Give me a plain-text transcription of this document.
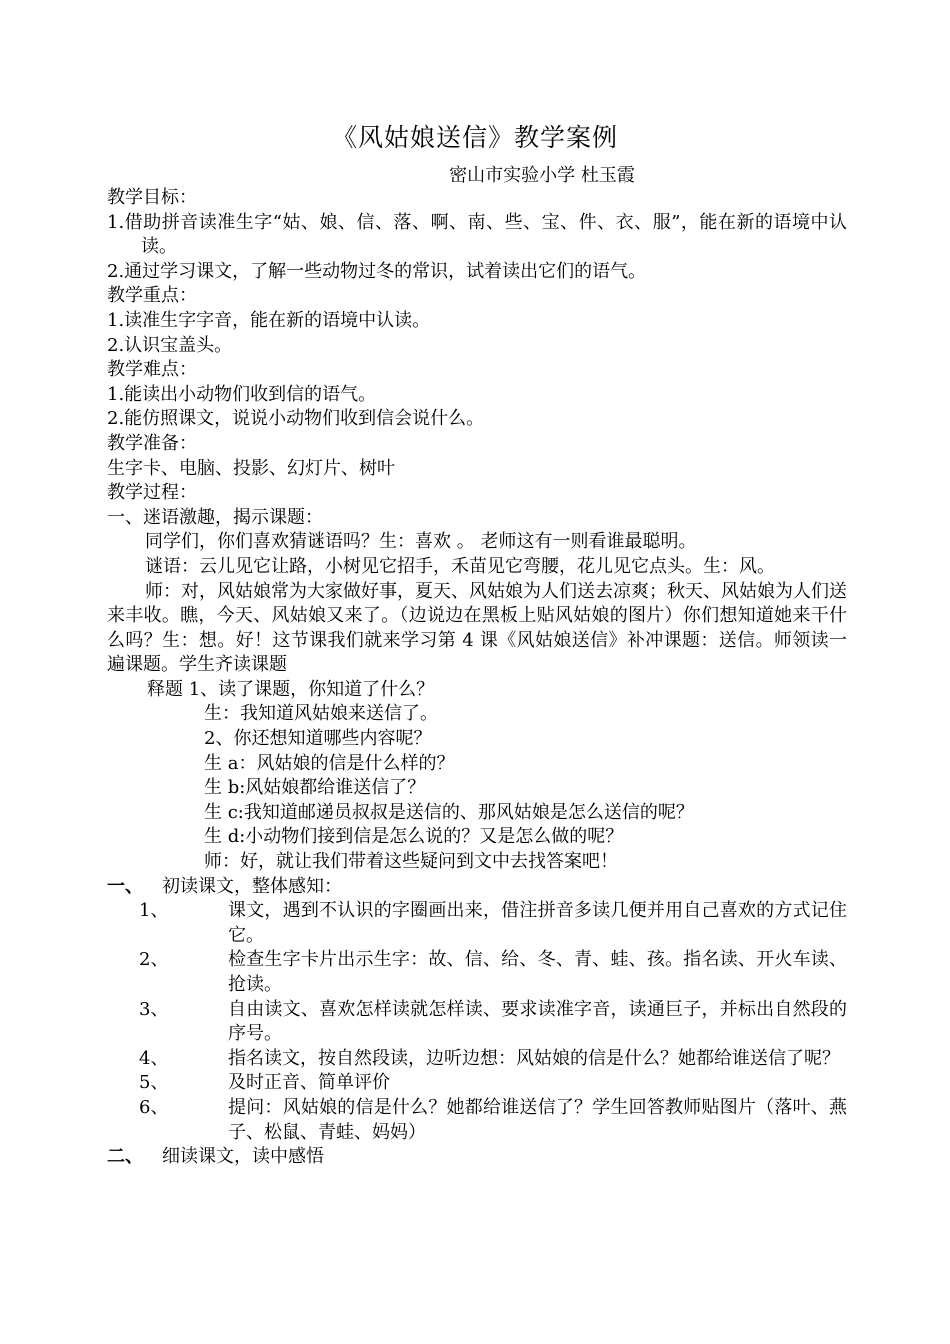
《风姑娘送信》教学案例
密山市实验小学 杜玉霞

教学目标：

1.借助拼音读准生字“姑、娘、信、落、啊、南、些、宝、件、衣、服”，能在新的语境中认读。

2.通过学习课文，了解一些动物过冬的常识，试着读出它们的语气。

教学重点：

1.读准生字字音，能在新的语境中认读。

2.认识宝盖头。

教学难点：

1.能读出小动物们收到信的语气。

2.能仿照课文，说说小动物们收到信会说什么。

教学准备：

生字卡、电脑、投影、幻灯片、树叶

教学过程：

一、迷语激趣，揭示课题：

同学们，你们喜欢猜谜语吗？生：喜欢 。 老师这有一则看谁最聪明。

谜语：云儿见它让路，小树见它招手，禾苗见它弯腰，花儿见它点头。生：风。

师：对，风姑娘常为大家做好事，夏天、风姑娘为人们送去凉爽；秋天、风姑娘为人们送来丰收。瞧，今天、风姑娘又来了。（边说边在黑板上贴风姑娘的图片）你们想知道她来干什么吗？生：想。好！这节课我们就来学习第 4 课《风姑娘送信》补冲课题：送信。师领读一遍课题。学生齐读课题

释题 1、读了课题，你知道了什么？

生：我知道风姑娘来送信了。

2、你还想知道哪些内容呢？

生 a：风姑娘的信是什么样的？

生 b:风姑娘都给谁送信了？

生 c:我知道邮递员叔叔是送信的、那风姑娘是怎么送信的呢？

生 d:小动物们接到信是怎么说的？又是怎么做的呢？

师：好，就让我们带着这些疑问到文中去找答案吧！

一、 初读课文，整体感知：

1、	课文，遇到不认识的字圈画出来，借注拼音多读几便并用自己喜欢的方式记住它。
2、	检查生字卡片出示生字：故、信、给、冬、青、蛙、孩。指名读、开火车读、抢读。
3、	自由读文、喜欢怎样读就怎样读、要求读准字音，读通巨子，并标出自然段的序号。
4、	指名读文，按自然段读，边听边想：风姑娘的信是什么？她都给谁送信了呢？
5、	及时正音、简单评价
6、	提问：风姑娘的信是什么？她都给谁送信了？学生回答教师贴图片（落叶、燕子、松鼠、青蛙、妈妈）

二、 细读课文，读中感悟
